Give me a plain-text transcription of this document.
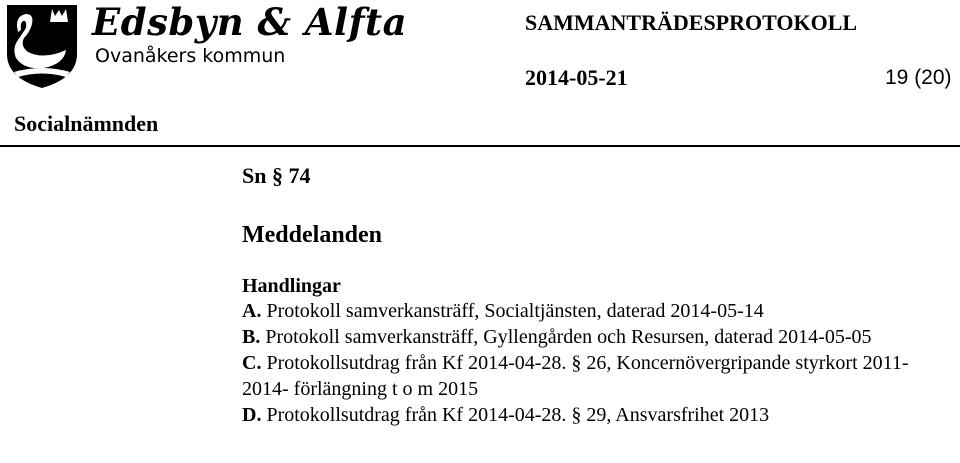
Edsbyn & Alfta
Ovanåkers kommun
SAMMANTRÄDESPROTOKOLL
2014-05-21	19 (20)
Socialnämnden
Sn § 74
Meddelanden
Handlingar

A. Protokoll samverkansträff, Socialtjänsten, daterad 2014-05-14

B. Protokoll samverkansträff, Gyllengården och Resursen, daterad 2014-05-05

C. Protokollsutdrag från Kf 2014-04-28. § 26, Koncernövergripande styrkort 2011-2014- förlängning t o m 2015

D. Protokollsutdrag från Kf 2014-04-28. § 29, Ansvarsfrihet 2013
